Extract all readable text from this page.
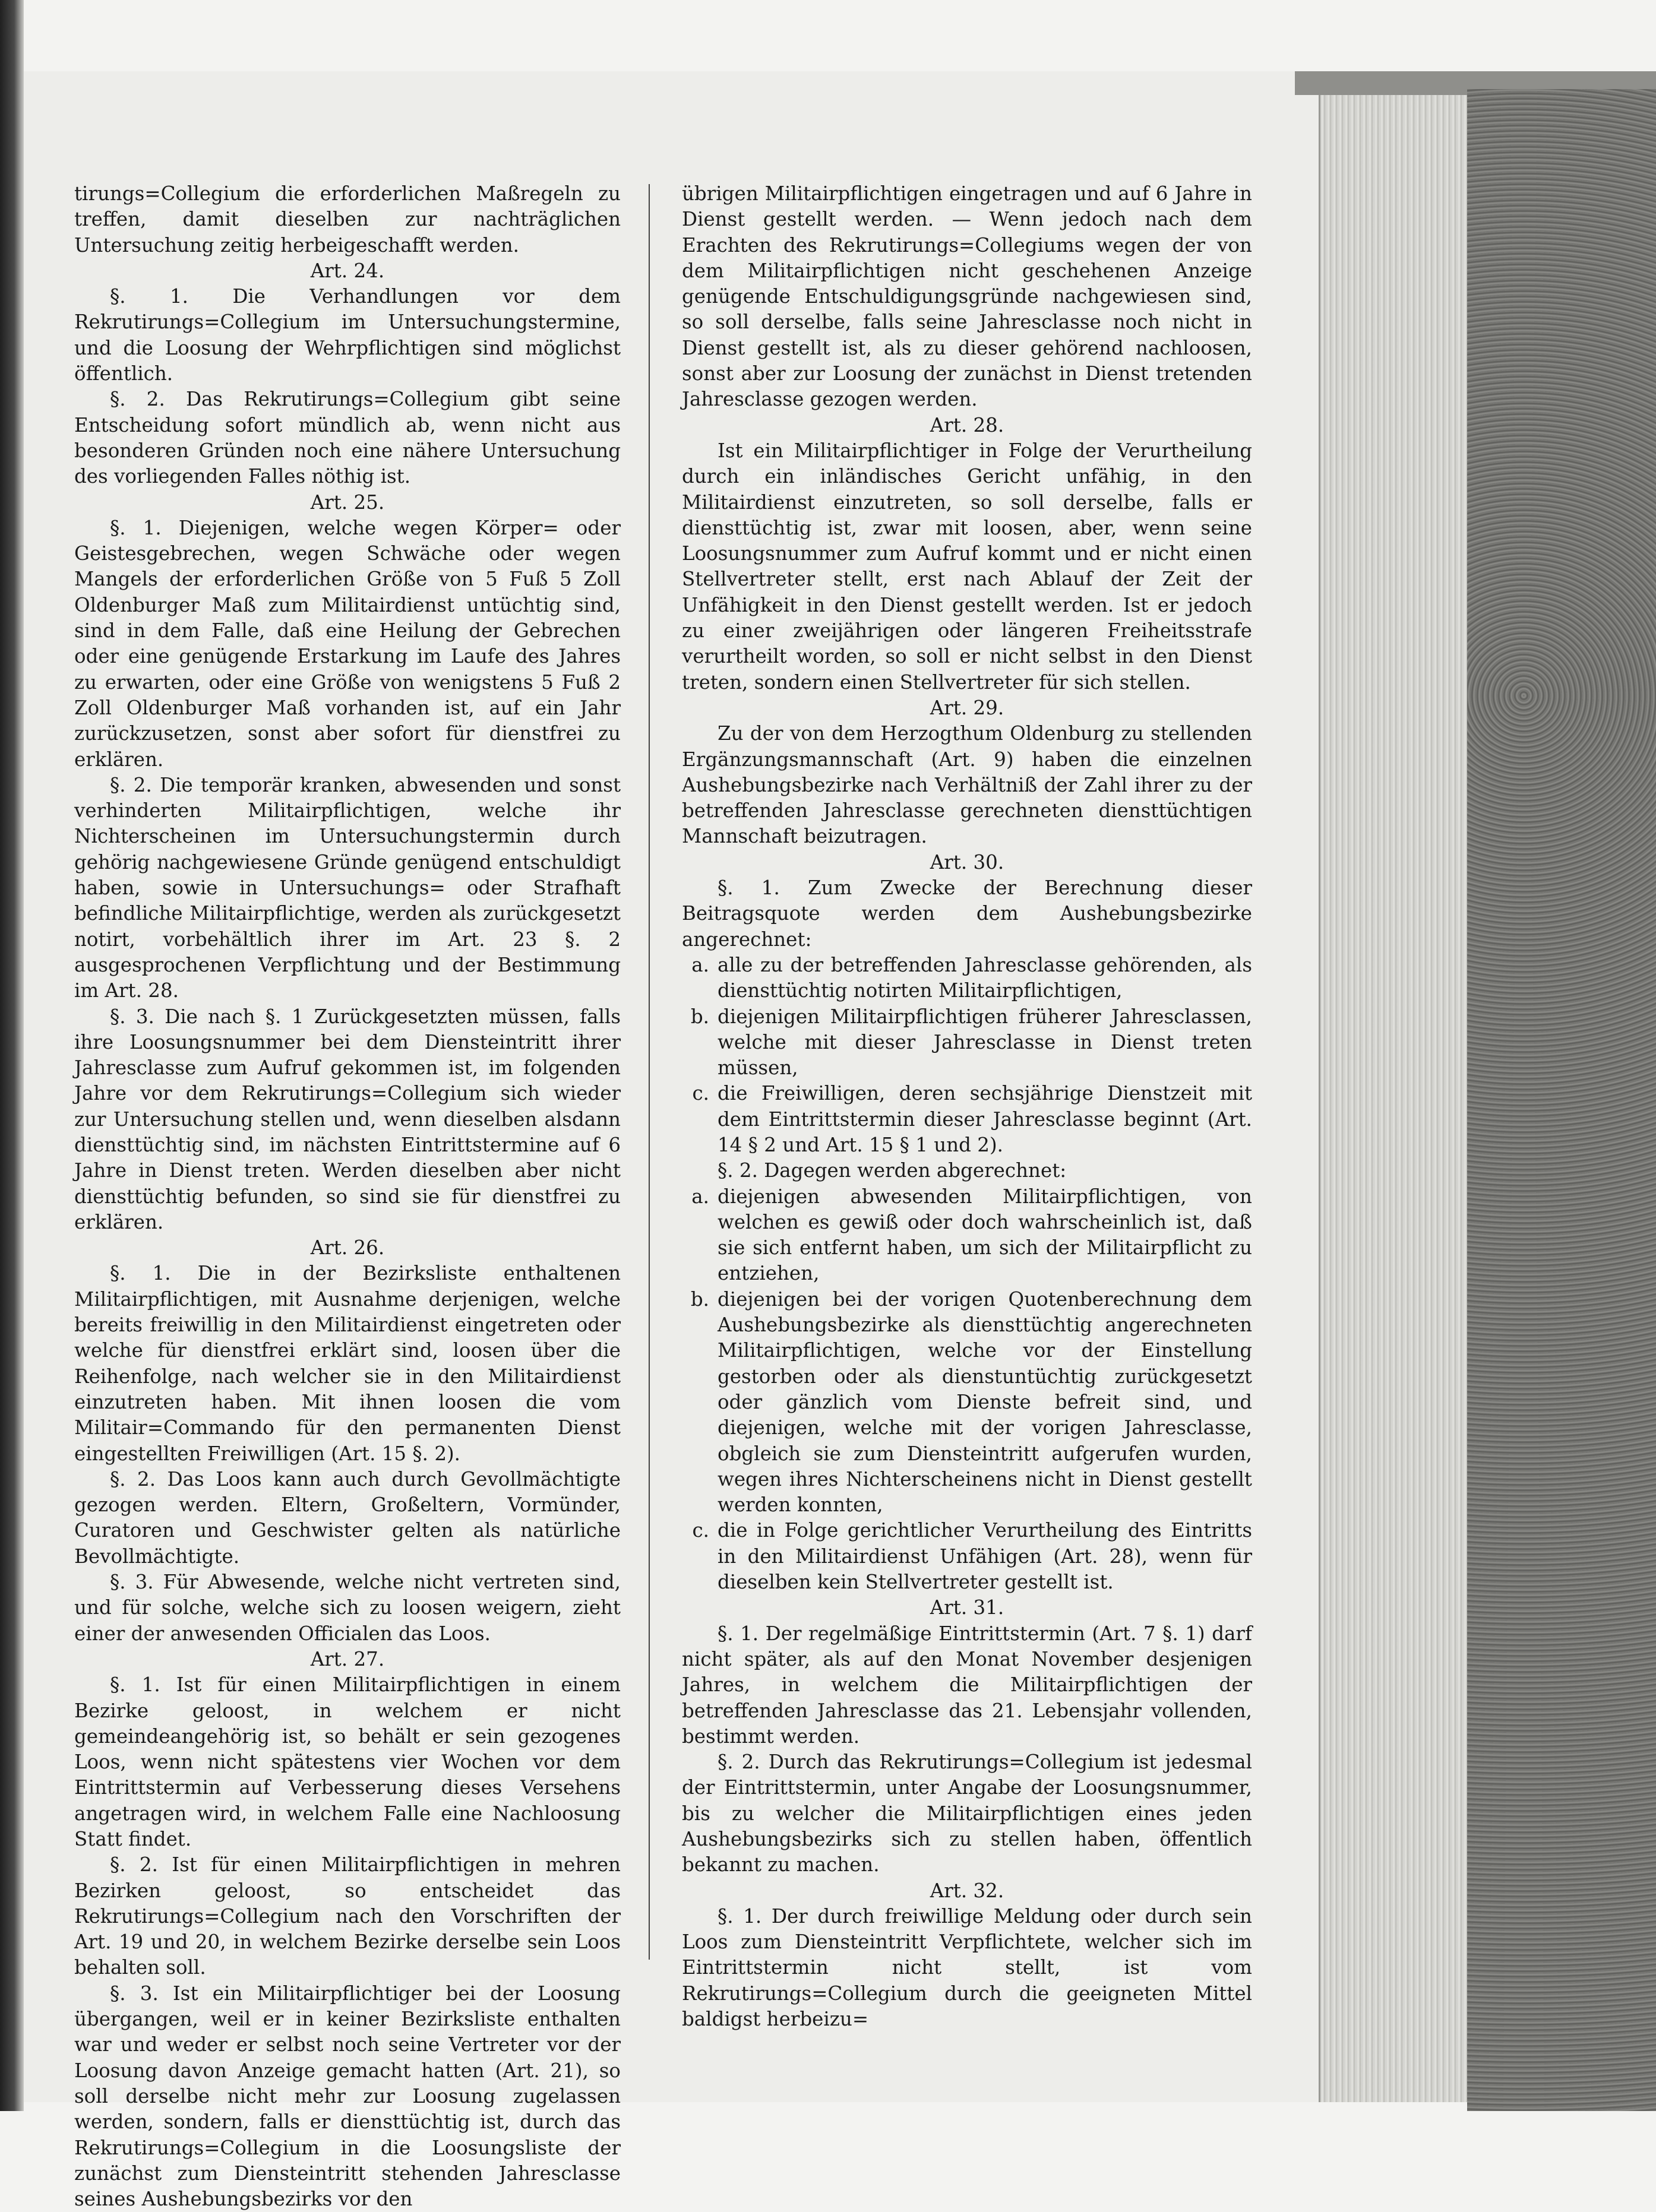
tirungs=Collegium die erforderlichen Maßregeln zu treffen, damit dieselben zur nachträglichen Untersuchung zeitig herbeigeschafft werden.

Art. 24.

§. 1. Die Verhandlungen vor dem Rekrutirungs=Collegium im Untersuchungstermine, und die Loosung der Wehrpflichtigen sind möglichst öffentlich.

§. 2. Das Rekrutirungs=Collegium gibt seine Entscheidung sofort mündlich ab, wenn nicht aus besonderen Gründen noch eine nähere Untersuchung des vorliegenden Falles nöthig ist.

Art. 25.

§. 1. Diejenigen, welche wegen Körper= oder Geistesgebrechen, wegen Schwäche oder wegen Mangels der erforderlichen Größe von 5 Fuß 5 Zoll Oldenburger Maß zum Militairdienst untüchtig sind, sind in dem Falle, daß eine Heilung der Gebrechen oder eine genügende Erstarkung im Laufe des Jahres zu erwarten, oder eine Größe von wenigstens 5 Fuß 2 Zoll Oldenburger Maß vorhanden ist, auf ein Jahr zurückzusetzen, sonst aber sofort für dienstfrei zu erklären.

§. 2. Die temporär kranken, abwesenden und sonst verhinderten Militairpflichtigen, welche ihr Nichterscheinen im Untersuchungstermin durch gehörig nachgewiesene Gründe genügend entschuldigt haben, sowie in Untersuchungs= oder Strafhaft befindliche Militairpflichtige, werden als zurückgesetzt notirt, vorbehältlich ihrer im Art. 23 §. 2 ausgesprochenen Verpflichtung und der Bestimmung im Art. 28.

§. 3. Die nach §. 1 Zurückgesetzten müssen, falls ihre Loosungsnummer bei dem Diensteintritt ihrer Jahresclasse zum Aufruf gekommen ist, im folgenden Jahre vor dem Rekrutirungs=Collegium sich wieder zur Untersuchung stellen und, wenn dieselben alsdann diensttüchtig sind, im nächsten Eintrittstermine auf 6 Jahre in Dienst treten. Werden dieselben aber nicht diensttüchtig befunden, so sind sie für dienstfrei zu erklären.

Art. 26.

§. 1. Die in der Bezirksliste enthaltenen Militairpflichtigen, mit Ausnahme derjenigen, welche bereits freiwillig in den Militairdienst eingetreten oder welche für dienstfrei erklärt sind, loosen über die Reihenfolge, nach welcher sie in den Militairdienst einzutreten haben. Mit ihnen loosen die vom Militair=Commando für den permanenten Dienst eingestellten Freiwilligen (Art. 15 §. 2).

§. 2. Das Loos kann auch durch Gevollmächtigte gezogen werden. Eltern, Großeltern, Vormünder, Curatoren und Geschwister gelten als natürliche Bevollmächtigte.

§. 3. Für Abwesende, welche nicht vertreten sind, und für solche, welche sich zu loosen weigern, zieht einer der anwesenden Officialen das Loos.

Art. 27.

§. 1. Ist für einen Militairpflichtigen in einem Bezirke geloost, in welchem er nicht gemeindeangehörig ist, so behält er sein gezogenes Loos, wenn nicht spätestens vier Wochen vor dem Eintrittstermin auf Verbesserung dieses Versehens angetragen wird, in welchem Falle eine Nachloosung Statt findet.

§. 2. Ist für einen Militairpflichtigen in mehren Bezirken geloost, so entscheidet das Rekrutirungs=Collegium nach den Vorschriften der Art. 19 und 20, in welchem Bezirke derselbe sein Loos behalten soll.

§. 3. Ist ein Militairpflichtiger bei der Loosung übergangen, weil er in keiner Bezirksliste enthalten war und weder er selbst noch seine Vertreter vor der Loosung davon Anzeige gemacht hatten (Art. 21), so soll derselbe nicht mehr zur Loosung zugelassen werden, sondern, falls er diensttüchtig ist, durch das Rekrutirungs=Collegium in die Loosungsliste der zunächst zum Diensteintritt stehenden Jahresclasse seines Aushebungsbezirks vor den

übrigen Militairpflichtigen eingetragen und auf 6 Jahre in Dienst gestellt werden. — Wenn jedoch nach dem Erachten des Rekrutirungs=Collegiums wegen der von dem Militairpflichtigen nicht geschehenen Anzeige genügende Entschuldigungsgründe nachgewiesen sind, so soll derselbe, falls seine Jahresclasse noch nicht in Dienst gestellt ist, als zu dieser gehörend nachloosen, sonst aber zur Loosung der zunächst in Dienst tretenden Jahresclasse gezogen werden.

Art. 28.

Ist ein Militairpflichtiger in Folge der Verurtheilung durch ein inländisches Gericht unfähig, in den Militairdienst einzutreten, so soll derselbe, falls er diensttüchtig ist, zwar mit loosen, aber, wenn seine Loosungsnummer zum Aufruf kommt und er nicht einen Stellvertreter stellt, erst nach Ablauf der Zeit der Unfähigkeit in den Dienst gestellt werden. Ist er jedoch zu einer zweijährigen oder längeren Freiheitsstrafe verurtheilt worden, so soll er nicht selbst in den Dienst treten, sondern einen Stellvertreter für sich stellen.

Art. 29.

Zu der von dem Herzogthum Oldenburg zu stellenden Ergänzungsmannschaft (Art. 9) haben die einzelnen Aushebungsbezirke nach Verhältniß der Zahl ihrer zu der betreffenden Jahresclasse gerechneten diensttüchtigen Mannschaft beizutragen.

Art. 30.

§. 1. Zum Zwecke der Berechnung dieser Beitragsquote werden dem Aushebungsbezirke angerechnet:

a. alle zu der betreffenden Jahresclasse gehörenden, als diensttüchtig notirten Militairpflichtigen,
b. diejenigen Militairpflichtigen früherer Jahresclassen, welche mit dieser Jahresclasse in Dienst treten müssen,
c. die Freiwilligen, deren sechsjährige Dienstzeit mit dem Eintrittstermin dieser Jahresclasse beginnt (Art. 14 § 2 und Art. 15 § 1 und 2).

§. 2. Dagegen werden abgerechnet:

a. diejenigen abwesenden Militairpflichtigen, von welchen es gewiß oder doch wahrscheinlich ist, daß sie sich entfernt haben, um sich der Militairpflicht zu entziehen,
b. diejenigen bei der vorigen Quotenberechnung dem Aushebungsbezirke als diensttüchtig angerechneten Militairpflichtigen, welche vor der Einstellung gestorben oder als dienstuntüchtig zurückgesetzt oder gänzlich vom Dienste befreit sind, und diejenigen, welche mit der vorigen Jahresclasse, obgleich sie zum Diensteintritt aufgerufen wurden, wegen ihres Nichterscheinens nicht in Dienst gestellt werden konnten,
c. die in Folge gerichtlicher Verurtheilung des Eintritts in den Militairdienst Unfähigen (Art. 28), wenn für dieselben kein Stellvertreter gestellt ist.

Art. 31.

§. 1. Der regelmäßige Eintrittstermin (Art. 7 §. 1) darf nicht später, als auf den Monat November desjenigen Jahres, in welchem die Militairpflichtigen der betreffenden Jahresclasse das 21. Lebensjahr vollenden, bestimmt werden.

§. 2. Durch das Rekrutirungs=Collegium ist jedesmal der Eintrittstermin, unter Angabe der Loosungsnummer, bis zu welcher die Militairpflichtigen eines jeden Aushebungsbezirks sich zu stellen haben, öffentlich bekannt zu machen.

Art. 32.

§. 1. Der durch freiwillige Meldung oder durch sein Loos zum Diensteintritt Verpflichtete, welcher sich im Eintrittstermin nicht stellt, ist vom Rekrutirungs=Collegium durch die geeigneten Mittel baldigst herbeizu=
